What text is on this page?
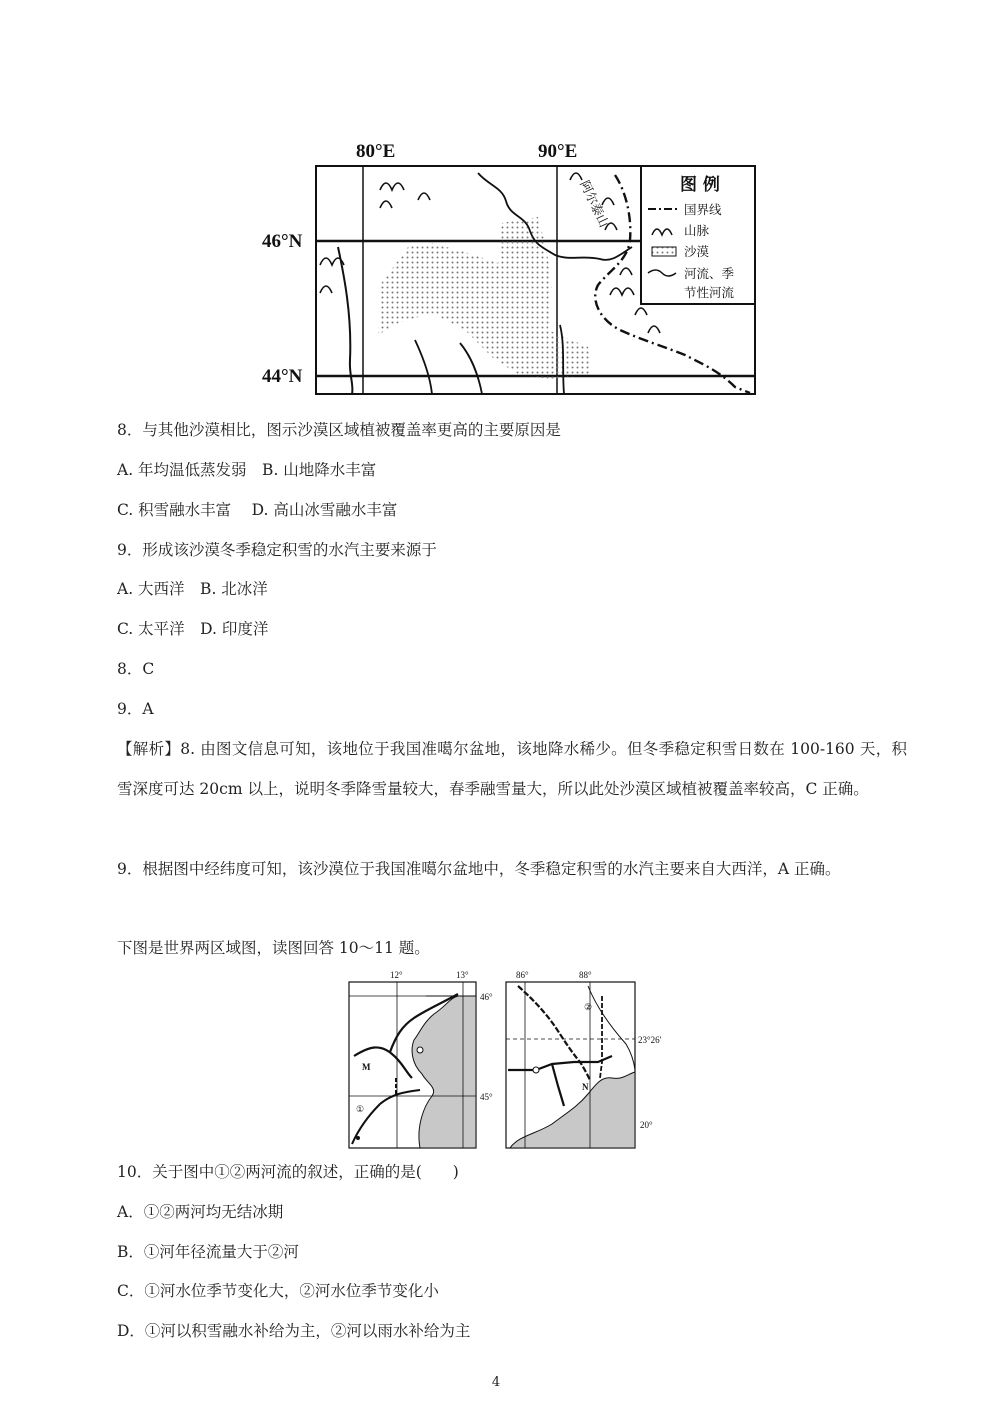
80°E	90°E
46°N
44°N
阿尔泰山	图 例
国界线
山脉
沙漠
河流、季
节性河流
8．与其他沙漠相比，图示沙漠区域植被覆盖率更高的主要原因是
A. 年均温低蒸发弱　B. 山地降水丰富
C. 积雪融水丰富　 D. 高山冰雪融水丰富
9．形成该沙漠冬季稳定积雪的水汽主要来源于
A. 大西洋　B. 北冰洋
C. 太平洋　D. 印度洋
8．C
9．A
【解析】8. 由图文信息可知，该地位于我国准噶尔盆地，该地降水稀少。但冬季稳定积雪日数在 100-160 天，积雪深度可达 20cm 以上，说明冬季降雪量较大，春季融雪量大，所以此处沙漠区域植被覆盖率较高，C 正确。
9．根据图中经纬度可知，该沙漠位于我国准噶尔盆地中，冬季稳定积雪的水汽主要来自大西洋，A 正确。
下图是世界两区域图，读图回答 10～11 题。
12°	13°
46°
45°
M
①
86°	88°
23°26′
20°
N
②
10．关于图中①②两河流的叙述，正确的是(　　)
A．①②两河均无结冰期
B．①河年径流量大于②河
C．①河水位季节变化大，②河水位季节变化小
D．①河以积雪融水补给为主，②河以雨水补给为主
4
